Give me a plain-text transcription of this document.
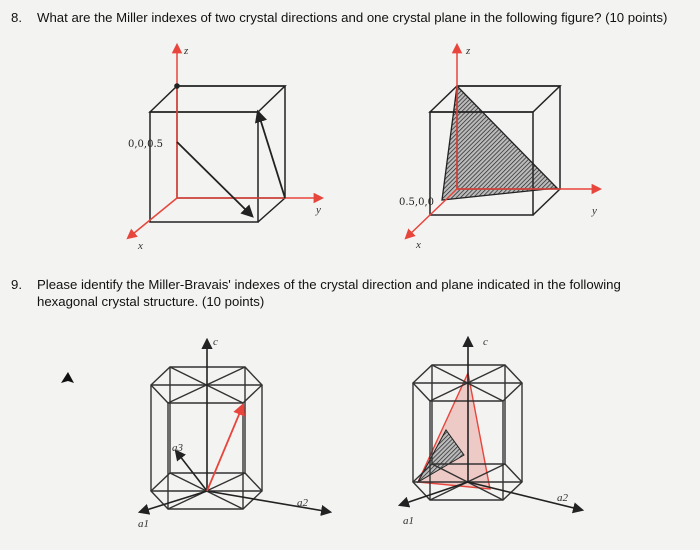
8. What are the Miller indexes of two crystal directions and one crystal plane in the following figure? (10 points)
9. Please identify the Miller-Bravais' indexes of the crystal direction and plane indicated in the following hexagonal crystal structure. (10 points)
z
y
x
0,0,0.5
z
y
x
0.5,0,0
c
a1
a2
a3
c
a1
a2
